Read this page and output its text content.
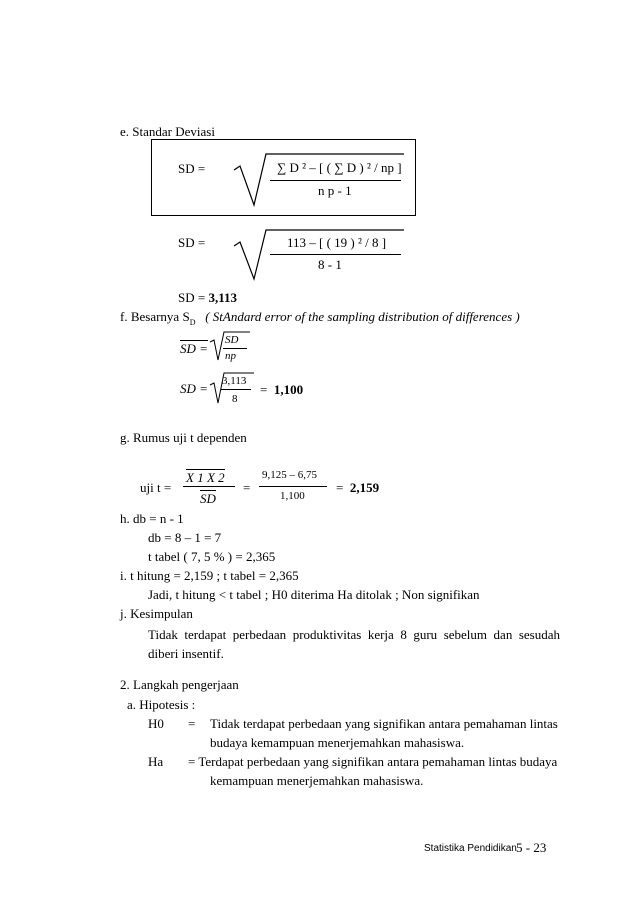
e. Standar Deviasi
SD =	∑ D ² – [ ( ∑ D ) ² / np ]
n p - 1
SD =	113 – [ ( 19 ) ² / 8 ]
8 - 1
SD = 3,113
f. Besarnya $S_D$ ( StAndard error of the sampling distribution of differences )
SD =
SD
np
SD = 3,113
8
= 1,100
g. Rumus uji t dependen
uji t =
X 1 X 2
SD
=
9,125 – 6,75
1,100
= 2,159
h. db = n - 1
db = 8 – 1 = 7
t tabel ( 7, 5 % ) = 2,365
i. t hitung = 2,159 ; t tabel = 2,365
Jadi, t hitung < t tabel ; H0 diterima Ha ditolak ; Non signifikan
j. Kesimpulan
Tidak terdapat perbedaan produktivitas kerja 8 guru sebelum dan sesudah diberi insentif.
2. Langkah pengerjaan
a. Hipotesis :
H0 = Tidak terdapat perbedaan yang signifikan antara pemahaman lintas
budaya kemampuan menerjemahkan mahasiswa.
Ha = Terdapat perbedaan yang signifikan antara pemahaman lintas budaya
kemampuan menerjemahkan mahasiswa.
Statistika Pendidikan 5 - 23
